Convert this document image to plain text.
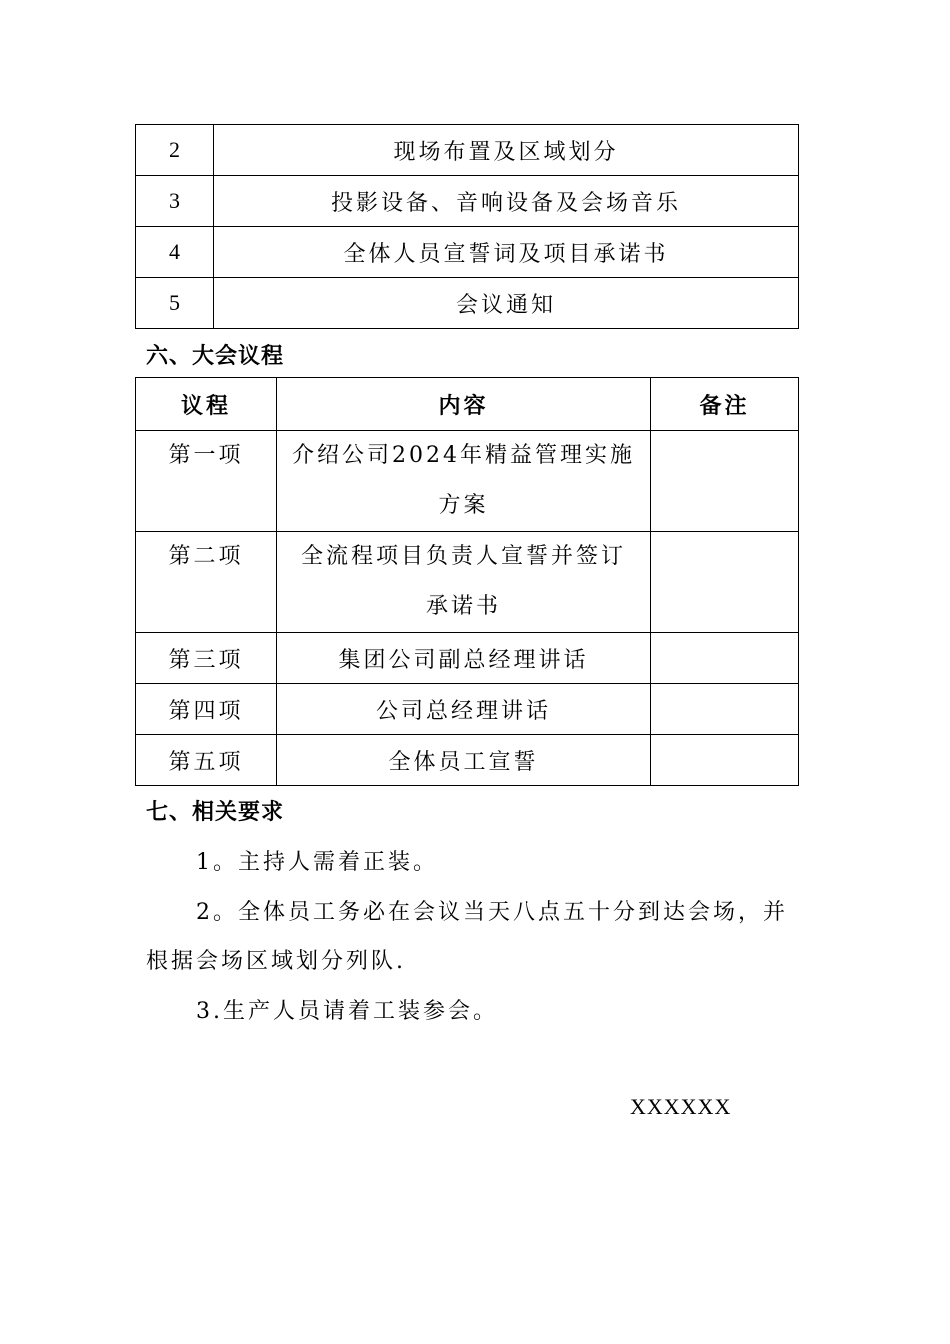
2	现场布置及区域划分
3	投影设备、音响设备及会场音乐
4	全体人员宣誓词及项目承诺书
5	会议通知
六、大会议程
议程	内容	备注
第一项	介绍公司2024年精益管理实施
方案	

第二项	全流程项目负责人宣誓并签订
承诺书	

第三项	集团公司副总经理讲话	
第四项	公司总经理讲话	
第五项	全体员工宣誓	
七、相关要求
1。主持人需着正装。
2。全体员工务必在会议当天八点五十分到达会场，并
根据会场区域划分列队.
3.生产人员请着工装参会。
XXXXXX
